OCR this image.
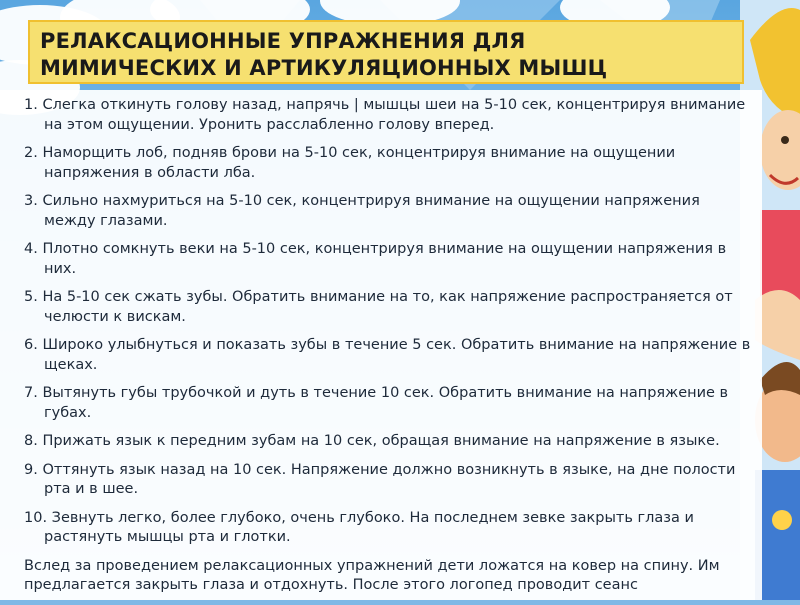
РЕЛАКСАЦИОННЫЕ УПРАЖНЕНИЯ ДЛЯ
МИМИЧЕСКИХ И АРТИКУЛЯЦИОННЫХ МЫШЦ
1. Слегка откинуть голову назад, напрячь | мышцы шеи на 5-10 сек, концентрируя внимание на этом ощущении. Уронить расслабленно голову вперед.
2. Наморщить лоб, подняв брови на 5-10 сек, концентрируя внимание на ощущении напряжения в области лба.
3. Сильно нахмуриться на 5-10 сек, концентрируя внимание на ощущении напряжения между глазами.
4. Плотно сомкнуть веки на 5-10 сек, концентрируя внимание на ощущении напряжения в них.
5. На 5-10 сек сжать зубы. Обратить внимание на то, как напряжение распространяется от челюсти к вискам.
6. Широко улыбнуться и показать зубы в течение 5 сек. Обратить внимание на напряжение в щеках.
7. Вытянуть губы трубочкой и дуть в течение 10 сек. Обратить внимание на напряжение в губах.
8. Прижать язык к передним зубам на 10 сек, обращая внимание на напряжение в языке.
9. Оттянуть язык назад на 10 сек. Напряжение должно возникнуть в языке, на дне полости рта и в шее.
10. Зевнуть легко, более глубоко, очень глубоко. На последнем зевке закрыть глаза и растянуть мышцы рта и глотки.
Вслед за проведением релаксационных упражнений дети ложатся на ковер на спину. Им предлагается закрыть глаза и отдохнуть. После этого логопед проводит сеанс
